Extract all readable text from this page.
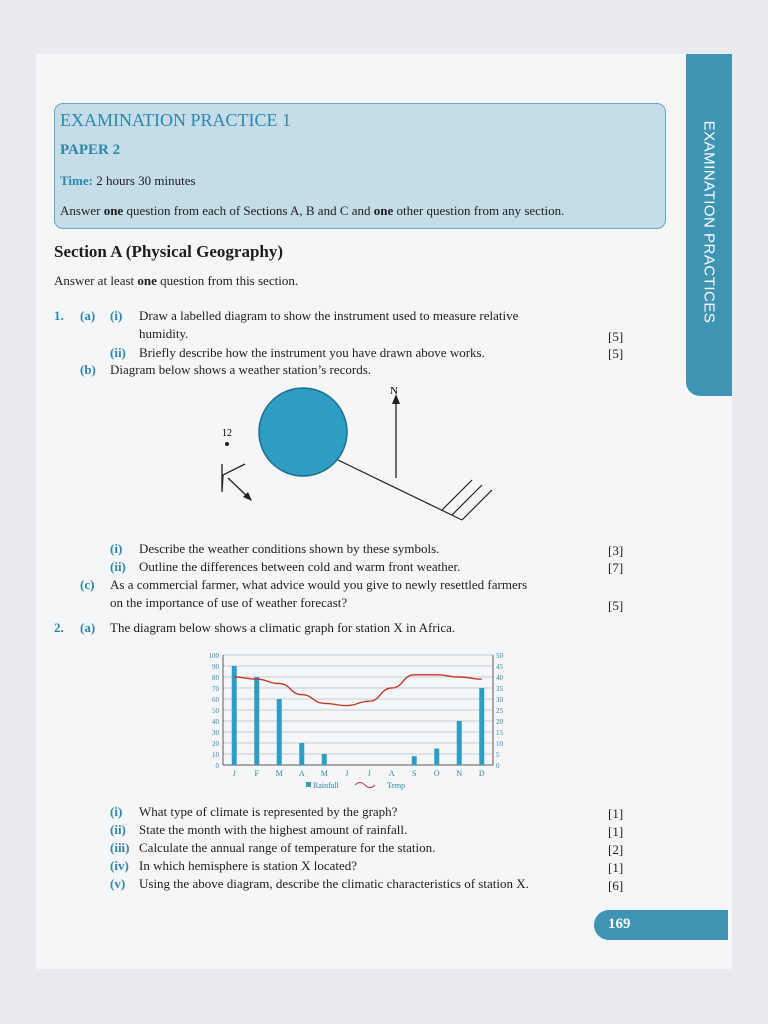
EXAMINATION PRACTICES
EXAMINATION PRACTICE 1
PAPER 2
Time: 2 hours 30 minutes
Answer one question from each of Sections A, B and C and one other question from any section.
Section A (Physical Geography)
Answer at least one question from this section.
1. (a) (i) Draw a labelled diagram to show the instrument used to measure relative
humidity.	[5]
(ii) Briefly describe how the instrument you have drawn above works.	[5]
(b) Diagram below shows a weather station’s records.
N
12
(i) Describe the weather conditions shown by these symbols.	[3]
(ii) Outline the differences between cold and warm front weather.	[7]
(c) As a commercial farmer, what advice would you give to newly resettled farmers
on the importance of use of weather forecast?	[5]
2. (a) The diagram below shows a climatic graph for station X in Africa.
0
10
20
30
40
50
60
70
80
90
100
0
5
10
15
20
25
30
35
40
45
50
J F M A M J J A S O N D
Rainfall	Temp
(i) What type of climate is represented by the graph?	[1]
(ii) State the month with the highest amount of rainfall.	[1]
(iii) Calculate the annual range of temperature for the station.	[2]
(iv) In which hemisphere is station X located?	[1]
(v) Using the above diagram, describe the climatic characteristics of station X.	[6]
169
